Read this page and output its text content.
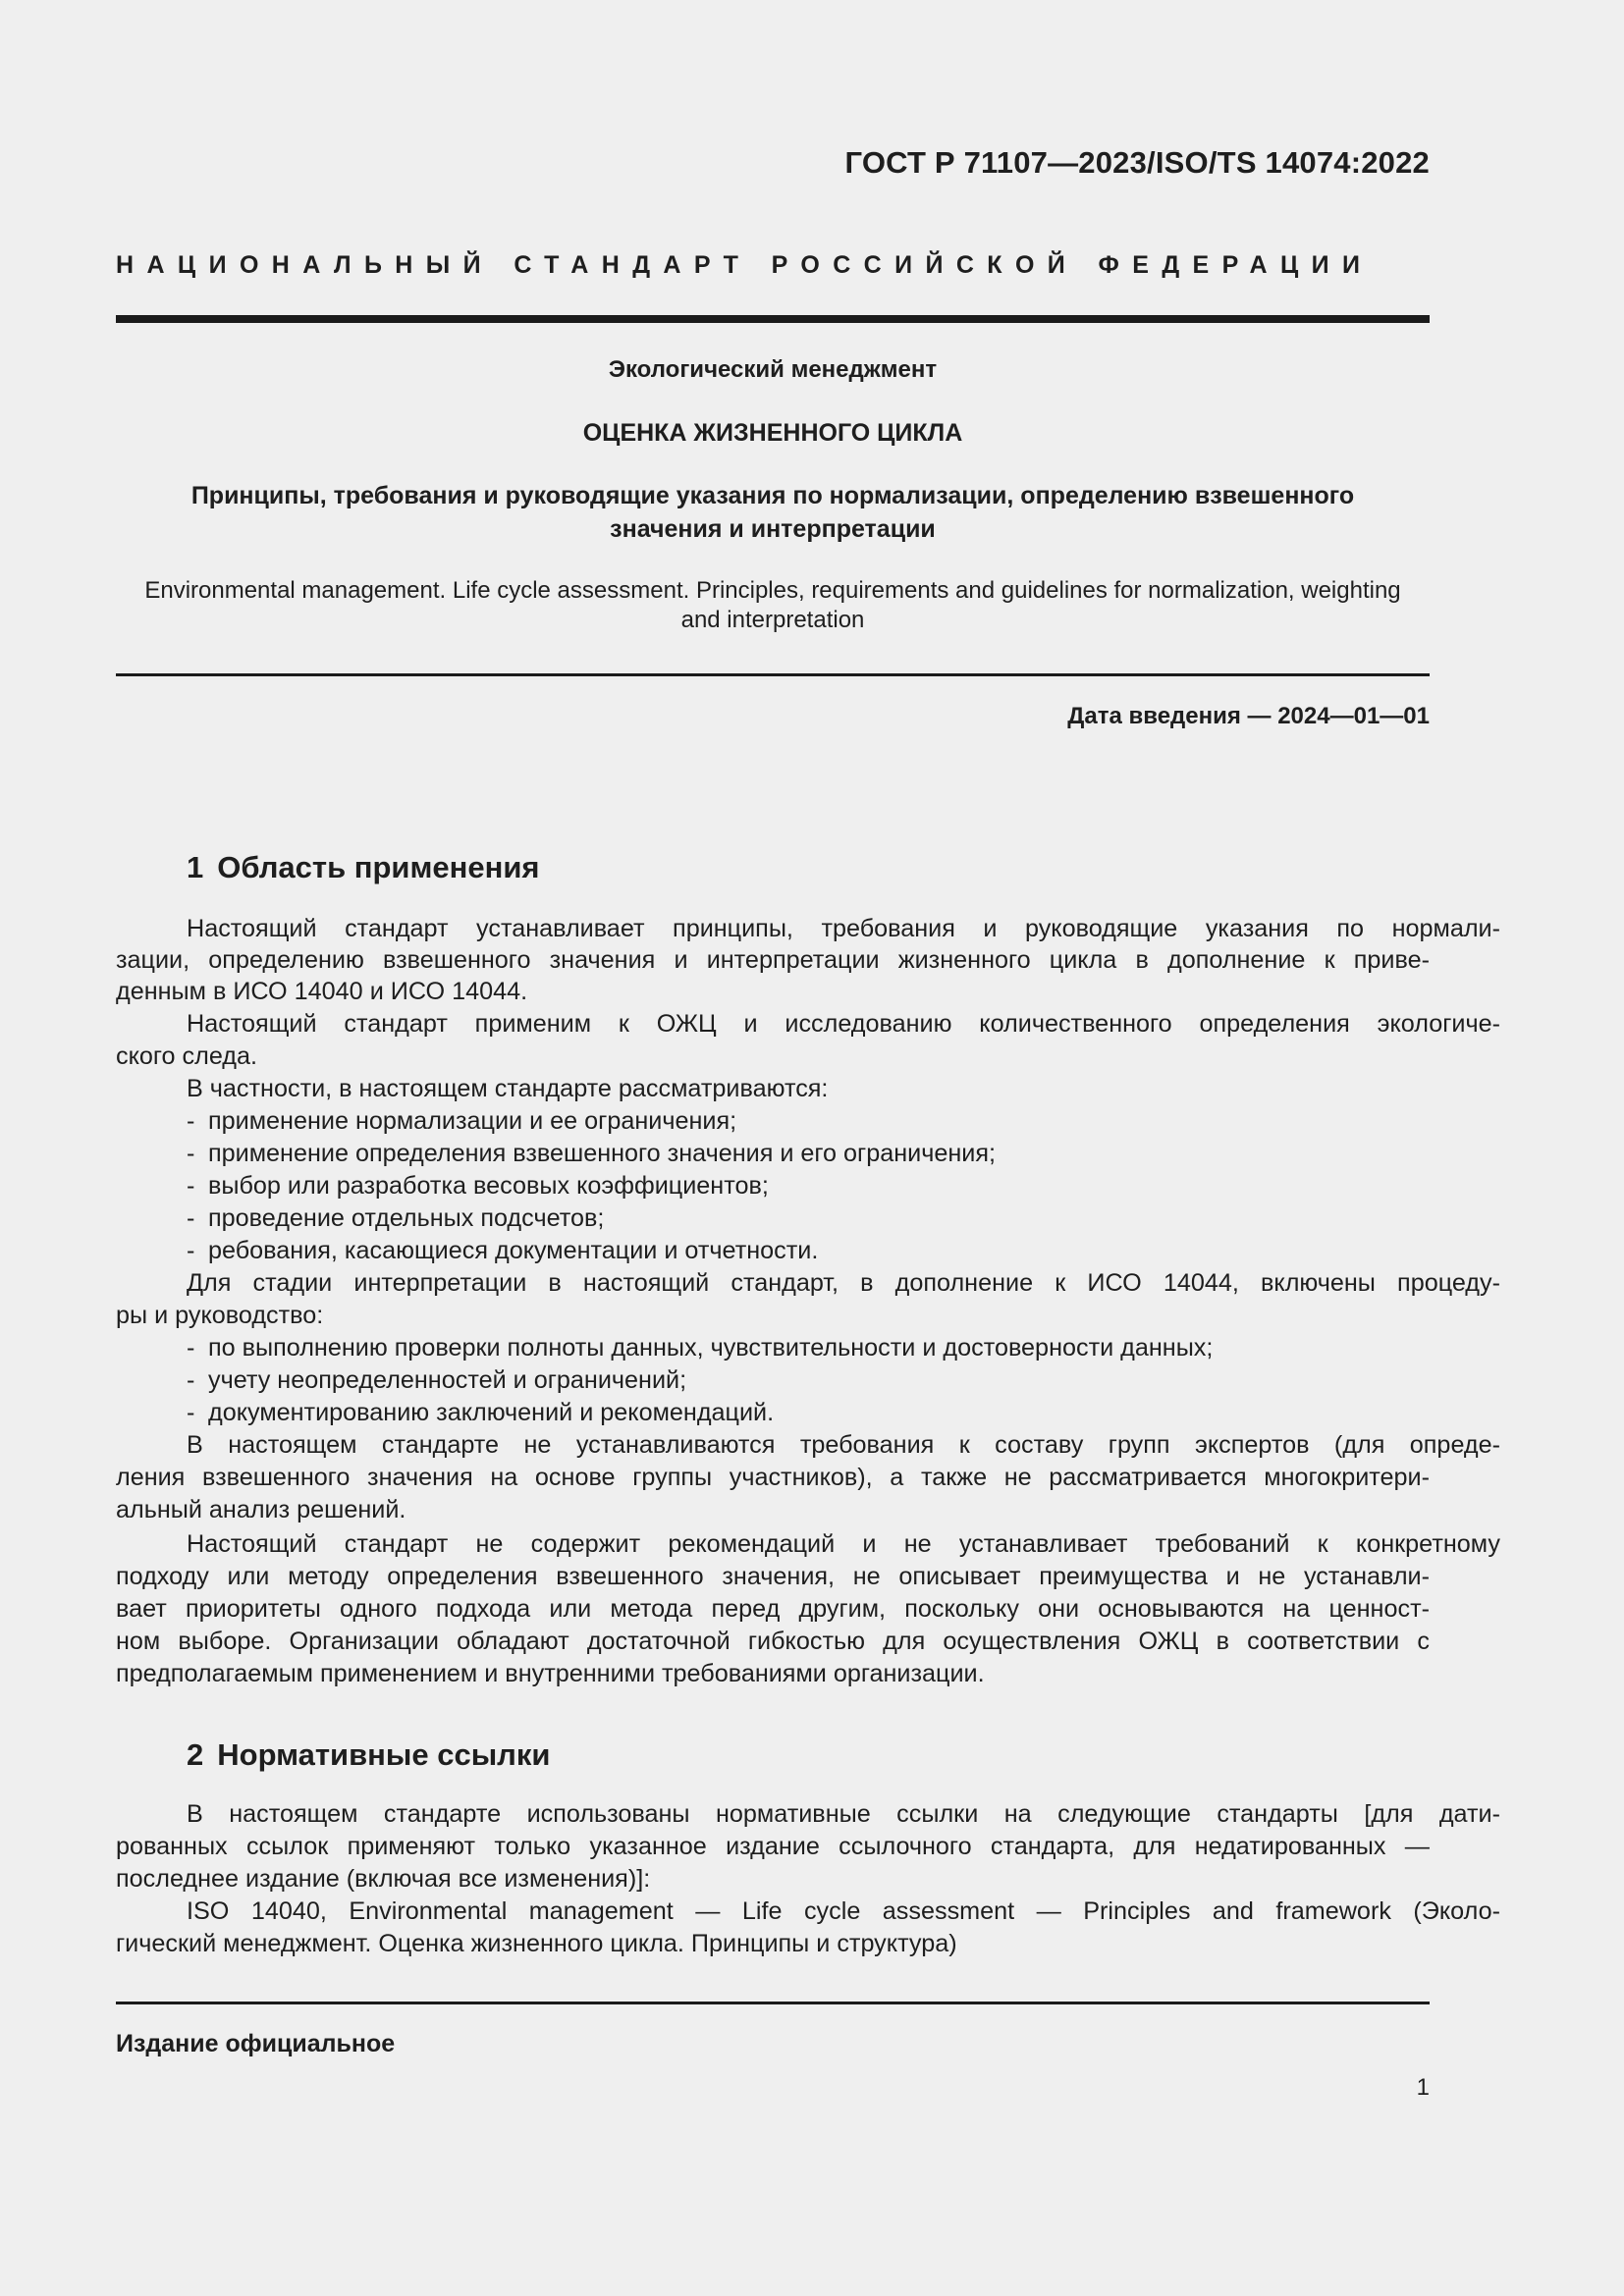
ГОСТ Р 71107—2023/ISO/TS 14074:2022
НАЦИОНАЛЬНЫЙ СТАНДАРТ РОССИЙСКОЙ ФЕДЕРАЦИИ
Экологический менеджмент
ОЦЕНКА ЖИЗНЕННОГО ЦИКЛА
Принципы, требования и руководящие указания по нормализации, определению взвешенного
значения и интерпретации
Environmental management. Life cycle assessment. Principles, requirements and guidelines for normalization, weighting
and interpretation
Дата введения — 2024—01—01
1 Область применения
Настоящий стандарт устанавливает принципы, требования и руководящие указания по нормали-
зации, определению взвешенного значения и интерпретации жизненного цикла в дополнение к приве-
денным в ИСО 14040 и ИСО 14044.
Настоящий стандарт применим к ОЖЦ и исследованию количественного определения экологиче-
ского следа.
В частности, в настоящем стандарте рассматриваются:
- применение нормализации и ее ограничения;
- применение определения взвешенного значения и его ограничения;
- выбор или разработка весовых коэффициентов;
- проведение отдельных подсчетов;
- ребования, касающиеся документации и отчетности.
Для стадии интерпретации в настоящий стандарт, в дополнение к ИСО 14044, включены процеду-
ры и руководство:
- по выполнению проверки полноты данных, чувствительности и достоверности данных;
- учету неопределенностей и ограничений;
- документированию заключений и рекомендаций.
В настоящем стандарте не устанавливаются требования к составу групп экспертов (для опреде-
ления взвешенного значения на основе группы участников), а также не рассматривается многокритери-
альный анализ решений.
Настоящий стандарт не содержит рекомендаций и не устанавливает требований к конкретному
подходу или методу определения взвешенного значения, не описывает преимущества и не устанавли-
вает приоритеты одного подхода или метода перед другим, поскольку они основываются на ценност-
ном выборе. Организации обладают достаточной гибкостью для осуществления ОЖЦ в соответствии с
предполагаемым применением и внутренними требованиями организации.
2 Нормативные ссылки
В настоящем стандарте использованы нормативные ссылки на следующие стандарты [для дати-
рованных ссылок применяют только указанное издание ссылочного стандарта, для недатированных —
последнее издание (включая все изменения)]:
ISO 14040, Environmental management — Life cycle assessment — Principles and framework (Эколо-
гический менеджмент. Оценка жизненного цикла. Принципы и структура)
Издание официальное
1
